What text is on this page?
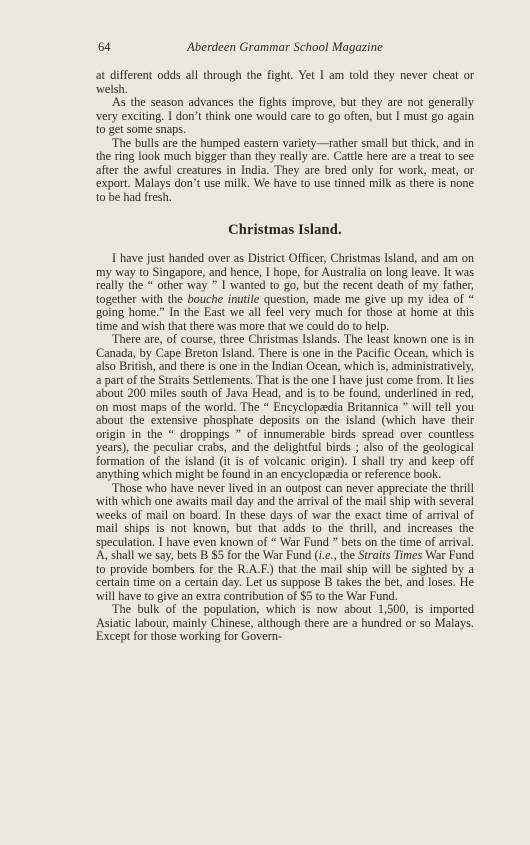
64	Aberdeen Grammar School Magazine

at different odds all through the fight. Yet I am told they never cheat or welsh.

As the season advances the fights improve, but they are not generally very exciting. I don’t think one would care to go often, but I must go again to get some snaps.

The bulls are the humped eastern variety—rather small but thick, and in the ring look much bigger than they really are. Cattle here are a treat to see after the awful creatures in India. They are bred only for work, meat, or export. Malays don’t use milk. We have to use tinned milk as there is none to be had fresh.

Christmas Island.

I have just handed over as District Officer, Christmas Island, and am on my way to Singapore, and hence, I hope, for Australia on long leave. It was really the “ other way ” I wanted to go, but the recent death of my father, together with the bouche inutile question, made me give up my idea of “ going home.” In the East we all feel very much for those at home at this time and wish that there was more that we could do to help.

There are, of course, three Christmas Islands. The least known one is in Canada, by Cape Breton Island. There is one in the Pacific Ocean, which is also British, and there is one in the Indian Ocean, which is, administratively, a part of the Straits Settlements. That is the one I have just come from. It lies about 200 miles south of Java Head, and is to be found, underlined in red, on most maps of the world. The “ Encyclopædia Britannica ” will tell you about the extensive phosphate deposits on the island (which have their origin in the “ droppings ” of innumerable birds spread over countless years), the peculiar crabs, and the delightful birds ; also of the geological formation of the island (it is of volcanic origin). I shall try and keep off anything which might be found in an encyclopædia or reference book.

Those who have never lived in an outpost can never appreciate the thrill with which one awaits mail day and the arrival of the mail ship with several weeks of mail on board. In these days of war the exact time of arrival of mail ships is not known, but that adds to the thrill, and increases the speculation. I have even known of “ War Fund ” bets on the time of arrival. A, shall we say, bets B $5 for the War Fund (i.e., the Straits Times War Fund to provide bombers for the R.A.F.) that the mail ship will be sighted by a certain time on a certain day. Let us suppose B takes the bet, and loses. He will have to give an extra contribution of $5 to the War Fund.

The bulk of the population, which is now about 1,500, is imported Asiatic labour, mainly Chinese, although there are a hundred or so Malays. Except for those working for Govern-
